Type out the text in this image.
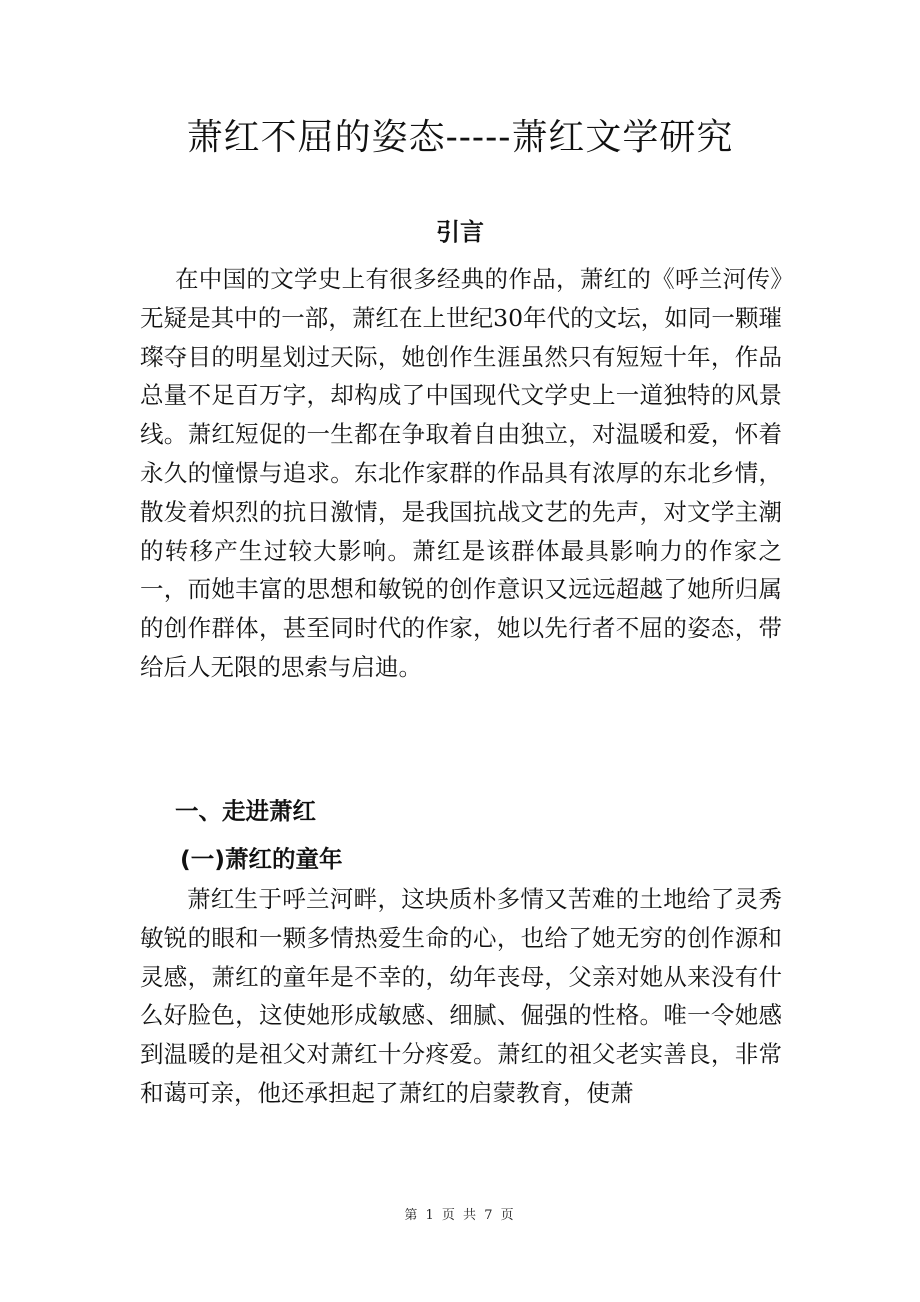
萧红不屈的姿态-----萧红文学研究
引言

在中国的文学史上有很多经典的作品，萧红的《呼兰河传》无疑是其中的一部，萧红在上世纪30年代的文坛，如同一颗璀璨夺目的明星划过天际，她创作生涯虽然只有短短十年，作品总量不足百万字，却构成了中国现代文学史上一道独特的风景线。萧红短促的一生都在争取着自由独立，对温暖和爱，怀着永久的憧憬与追求。东北作家群的作品具有浓厚的东北乡情，散发着炽烈的抗日激情，是我国抗战文艺的先声，对文学主潮的转移产生过较大影响。萧红是该群体最具影响力的作家之一，而她丰富的思想和敏锐的创作意识又远远超越了她所归属的创作群体，甚至同时代的作家，她以先行者不屈的姿态，带给后人无限的思索与启迪。

一、走进萧红
(一)萧红的童年

萧红生于呼兰河畔，这块质朴多情又苦难的土地给了灵秀敏锐的眼和一颗多情热爱生命的心，也给了她无穷的创作源和灵感，萧红的童年是不幸的，幼年丧母，父亲对她从来没有什么好脸色，这使她形成敏感、细腻、倔强的性格。唯一令她感到温暖的是祖父对萧红十分疼爱。萧红的祖父老实善良，非常和蔼可亲，他还承担起了萧红的启蒙教育，使萧

第 1 页 共 7 页
